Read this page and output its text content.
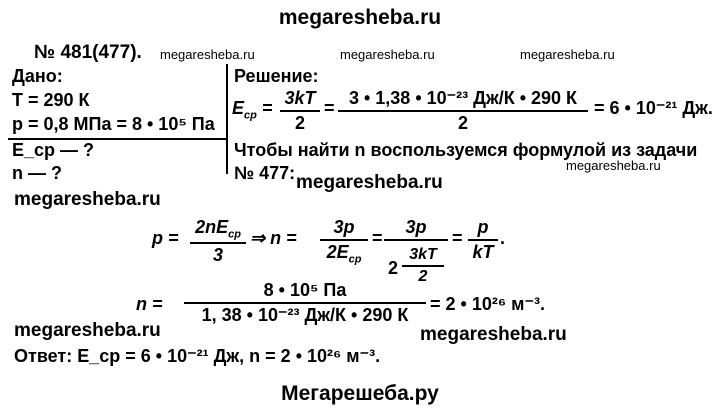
megaresheba.ru
№ 481(477). megaresheba.ru	megaresheba.ru	megaresheba.ru
Дано:
T = 290 К
p = 0,8 МПа = 8 • 10⁵ Па
E_ср — ?
n — ?
Решение:
$E_{ср} = 3kT$
2
= 3 • 1,38 • 10⁻²³ Дж/К • 290 К
2
= 6 • 10⁻²¹ Дж.
Чтобы найти n воспользуемся формулой из задачи
№ 477:	megaresheba.ru
megaresheba.ru
megaresheba.ru
p =
$2nE_{ср}$
3
⇒ n =
3p
$2E_{ср}$
=
3p
2
3kT
2
=
p
kT
.
n =
8 • 10⁵ Па
1, 38 • 10⁻²³ Дж/К • 290 К
= 2 • 10²⁶ м⁻³.
megaresheba.ru	megaresheba.ru
Ответ: E_ср = 6 • 10⁻²¹ Дж, n = 2 • 10²⁶ м⁻³.
Мегарешеба.ру
